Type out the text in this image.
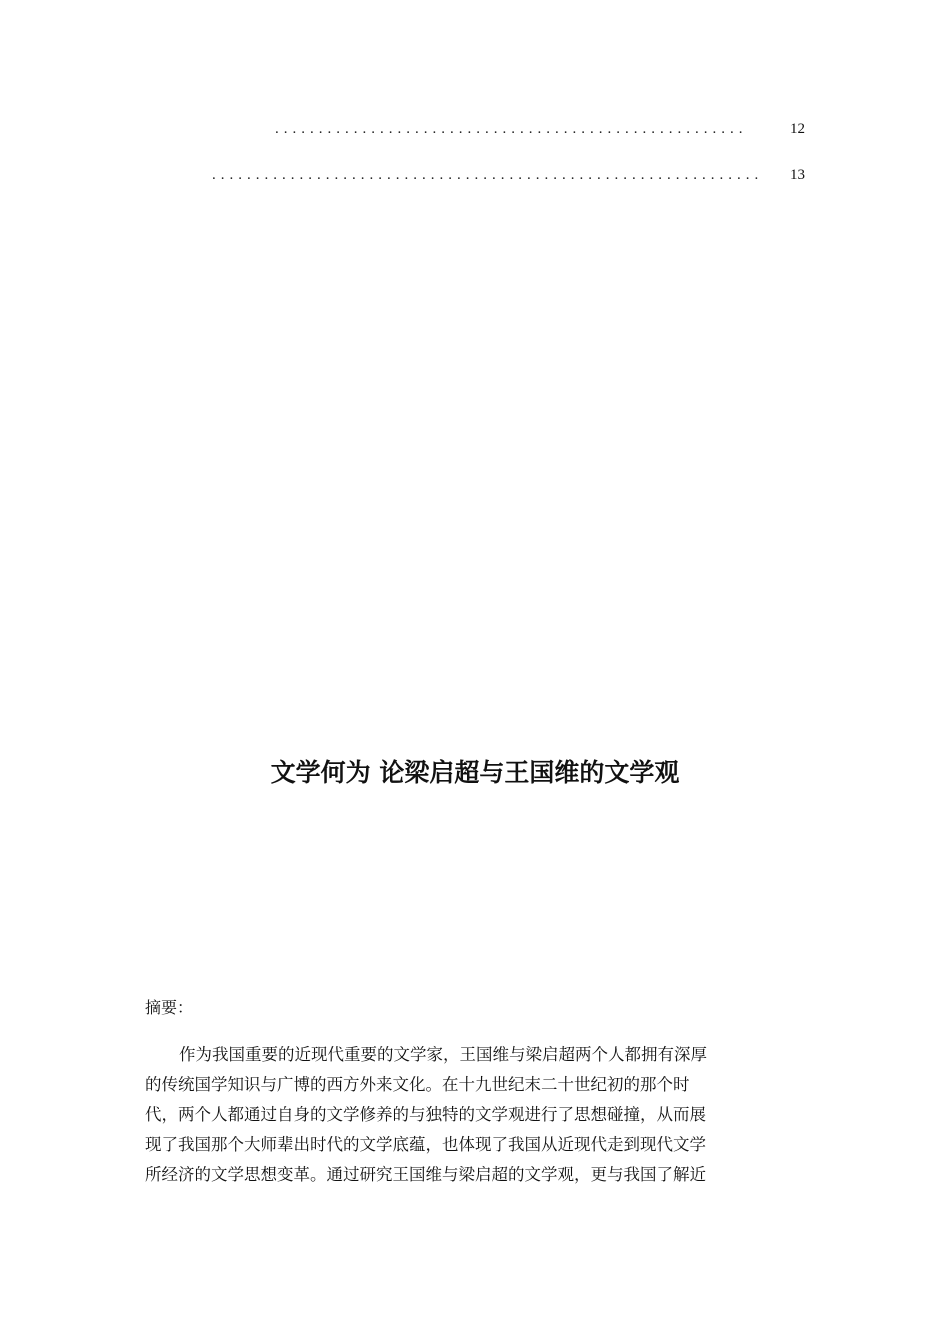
......................................................	12
...............................................................	13
文学何为 论梁启超与王国维的文学观

摘要：

作为我国重要的近现代重要的文学家，王国维与梁启超两个人都拥有深厚
的传统国学知识与广博的西方外来文化。在十九世纪末二十世纪初的那个时
代，两个人都通过自身的文学修养的与独特的文学观进行了思想碰撞，从而展
现了我国那个大师辈出时代的文学底蕴，也体现了我国从近现代走到现代文学
所经济的文学思想变革。通过研究王国维与梁启超的文学观，更与我国了解近
